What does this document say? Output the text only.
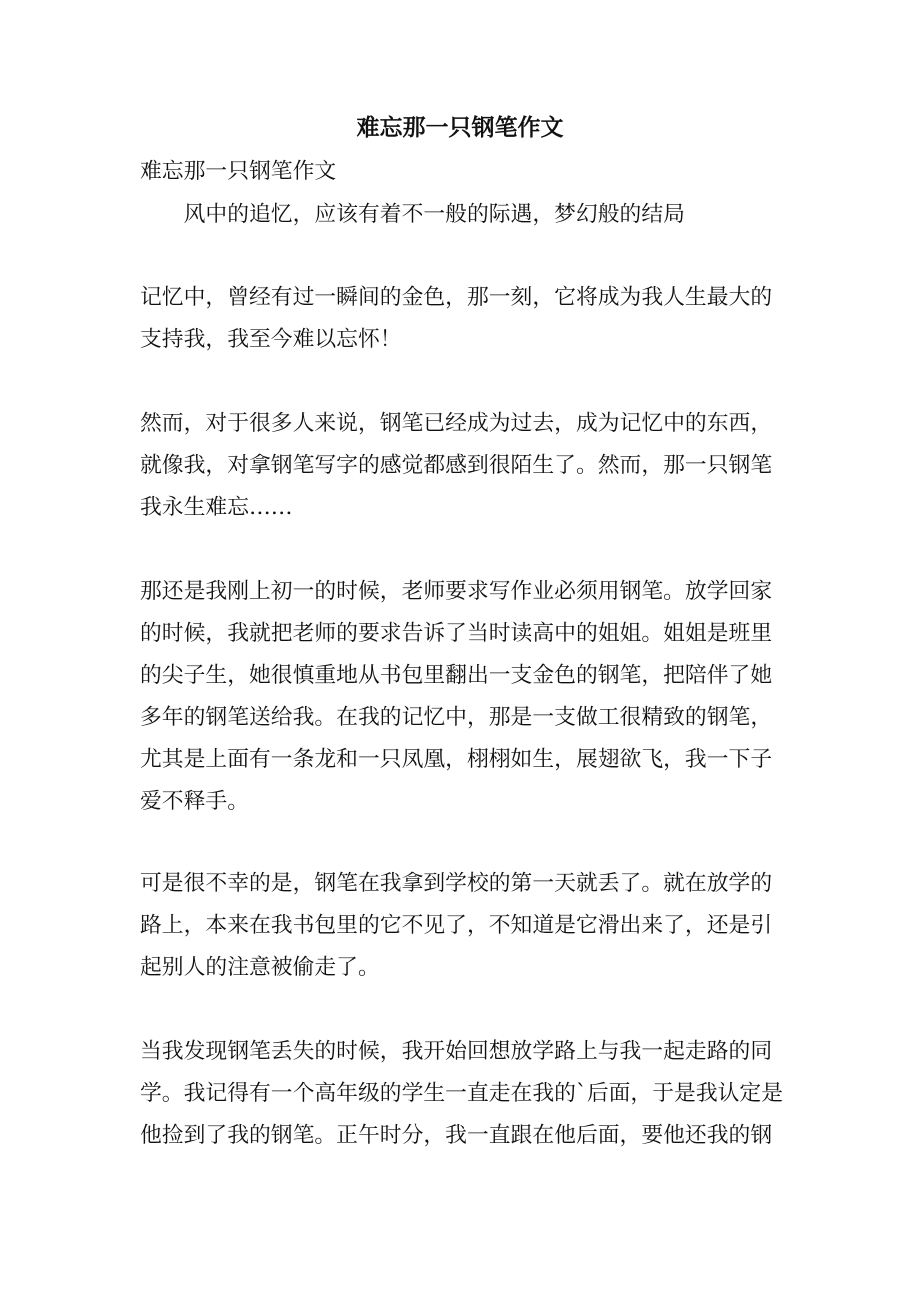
难忘那一只钢笔作文
难忘那一只钢笔作文
　　风中的追忆，应该有着不一般的际遇，梦幻般的结局
记忆中，曾经有过一瞬间的金色，那一刻，它将成为我人生最大的
支持我，我至今难以忘怀！
然而，对于很多人来说，钢笔已经成为过去，成为记忆中的东西，
就像我，对拿钢笔写字的感觉都感到很陌生了。然而，那一只钢笔
我永生难忘……
那还是我刚上初一的时候，老师要求写作业必须用钢笔。放学回家
的时候，我就把老师的要求告诉了当时读高中的姐姐。姐姐是班里
的尖子生，她很慎重地从书包里翻出一支金色的钢笔，把陪伴了她
多年的钢笔送给我。在我的记忆中，那是一支做工很精致的钢笔，
尤其是上面有一条龙和一只凤凰，栩栩如生，展翅欲飞，我一下子
爱不释手。
可是很不幸的是，钢笔在我拿到学校的第一天就丢了。就在放学的
路上，本来在我书包里的它不见了，不知道是它滑出来了，还是引
起别人的注意被偷走了。
当我发现钢笔丢失的时候，我开始回想放学路上与我一起走路的同
学。我记得有一个高年级的学生一直走在我的`后面，于是我认定是
他捡到了我的钢笔。正午时分，我一直跟在他后面，要他还我的钢
